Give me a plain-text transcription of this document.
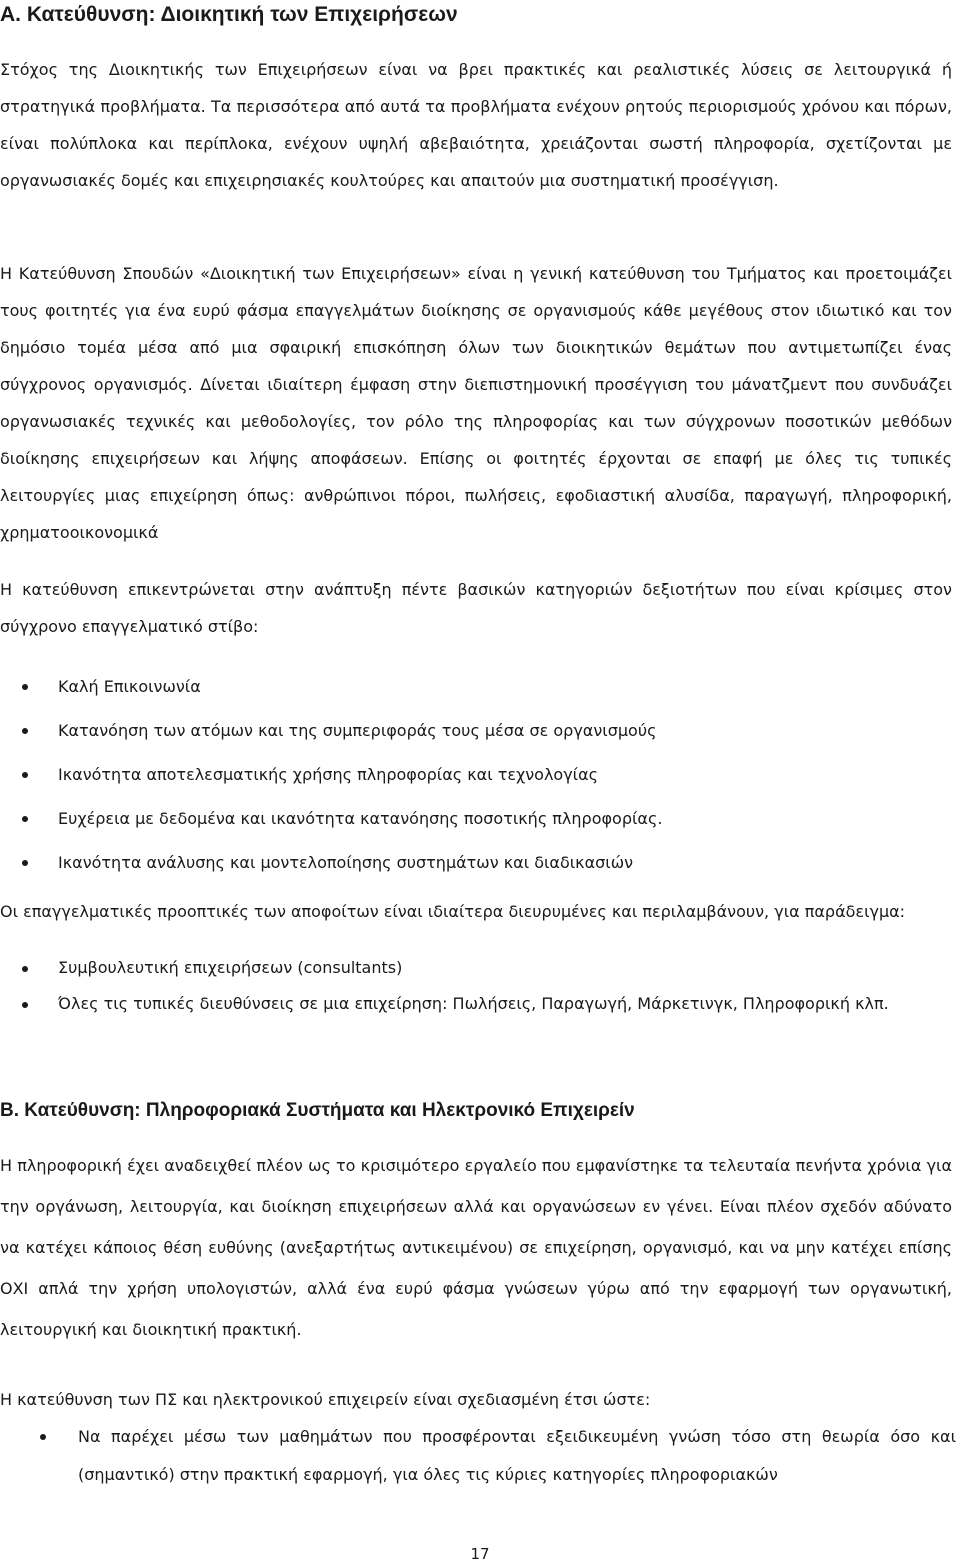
Α. Κατεύθυνση: Διοικητική των Επιχειρήσεων

Στόχος της Διοικητικής των Επιχειρήσεων είναι να βρει πρακτικές και ρεαλιστικές λύσεις σε λειτουργικά ή στρατηγικά προβλήματα. Τα περισσότερα από αυτά τα προβλήματα ενέχουν ρητούς περιορισμούς χρόνου και πόρων, είναι πολύπλοκα και περίπλοκα, ενέχουν υψηλή αβεβαιότητα, χρειάζονται σωστή πληροφορία, σχετίζονται με οργανωσιακές δομές και επιχειρησιακές κουλτούρες και απαιτούν μια συστηματική προσέγγιση.

Η Κατεύθυνση Σπουδών «Διοικητική των Επιχειρήσεων» είναι η γενική κατεύθυνση του Τμήματος και προετοιμάζει τους φοιτητές για ένα ευρύ φάσμα επαγγελμάτων διοίκησης σε οργανισμούς κάθε μεγέθους στον ιδιωτικό και τον δημόσιο τομέα μέσα από μια σφαιρική επισκόπηση όλων των διοικητικών θεμάτων που αντιμετωπίζει ένας σύγχρονος οργανισμός. Δίνεται ιδιαίτερη έμφαση στην διεπιστημονική προσέγγιση του μάνατζμεντ που συνδυάζει οργανωσιακές τεχνικές και μεθοδολογίες, τον ρόλο της πληροφορίας και των σύγχρονων ποσοτικών μεθόδων διοίκησης επιχειρήσεων και λήψης αποφάσεων. Επίσης οι φοιτητές έρχονται σε επαφή με όλες τις τυπικές λειτουργίες μιας επιχείρηση όπως: ανθρώπινοι πόροι, πωλήσεις, εφοδιαστική αλυσίδα, παραγωγή, πληροφορική, χρηματοοικονομικά

Η κατεύθυνση επικεντρώνεται στην ανάπτυξη πέντε βασικών κατηγοριών δεξιοτήτων που είναι κρίσιμες στον σύγχρονο επαγγελματικό στίβο:

Καλή Επικοινωνία
Κατανόηση των ατόμων και της συμπεριφοράς τους μέσα σε οργανισμούς
Ικανότητα αποτελεσματικής χρήσης πληροφορίας και τεχνολογίας
Ευχέρεια με δεδομένα και ικανότητα κατανόησης ποσοτικής πληροφορίας.
Ικανότητα ανάλυσης και μοντελοποίησης συστημάτων και διαδικασιών

Οι επαγγελματικές προοπτικές των αποφοίτων είναι ιδιαίτερα διευρυμένες και περιλαμβάνουν, για παράδειγμα:

Συμβουλευτική επιχειρήσεων (consultants)
Όλες τις τυπικές διευθύνσεις σε μια επιχείρηση: Πωλήσεις, Παραγωγή, Μάρκετινγκ, Πληροφορική κλπ.
Β. Κατεύθυνση: Πληροφοριακά Συστήματα και Ηλεκτρονικό Επιχειρείν

Η πληροφορική έχει αναδειχθεί πλέον ως το κρισιμότερο εργαλείο που εμφανίστηκε τα τελευταία πενήντα χρόνια για την οργάνωση, λειτουργία, και διοίκηση επιχειρήσεων αλλά και οργανώσεων εν γένει. Είναι πλέον σχεδόν αδύνατο να κατέχει κάποιος θέση ευθύνης (ανεξαρτήτως αντικειμένου) σε επιχείρηση, οργανισμό, και να μην κατέχει επίσης ΟΧΙ απλά την χρήση υπολογιστών, αλλά ένα ευρύ φάσμα γνώσεων γύρω από την εφαρμογή των οργανωτική, λειτουργική και διοικητική πρακτική.

Η κατεύθυνση των ΠΣ και ηλεκτρονικού επιχειρείν είναι σχεδιασμένη έτσι ώστε:

Να παρέχει μέσω των μαθημάτων που προσφέρονται εξειδικευμένη γνώση τόσο στη θεωρία όσο και (σημαντικό) στην πρακτική εφαρμογή, για όλες τις κύριες κατηγορίες πληροφοριακών
17
